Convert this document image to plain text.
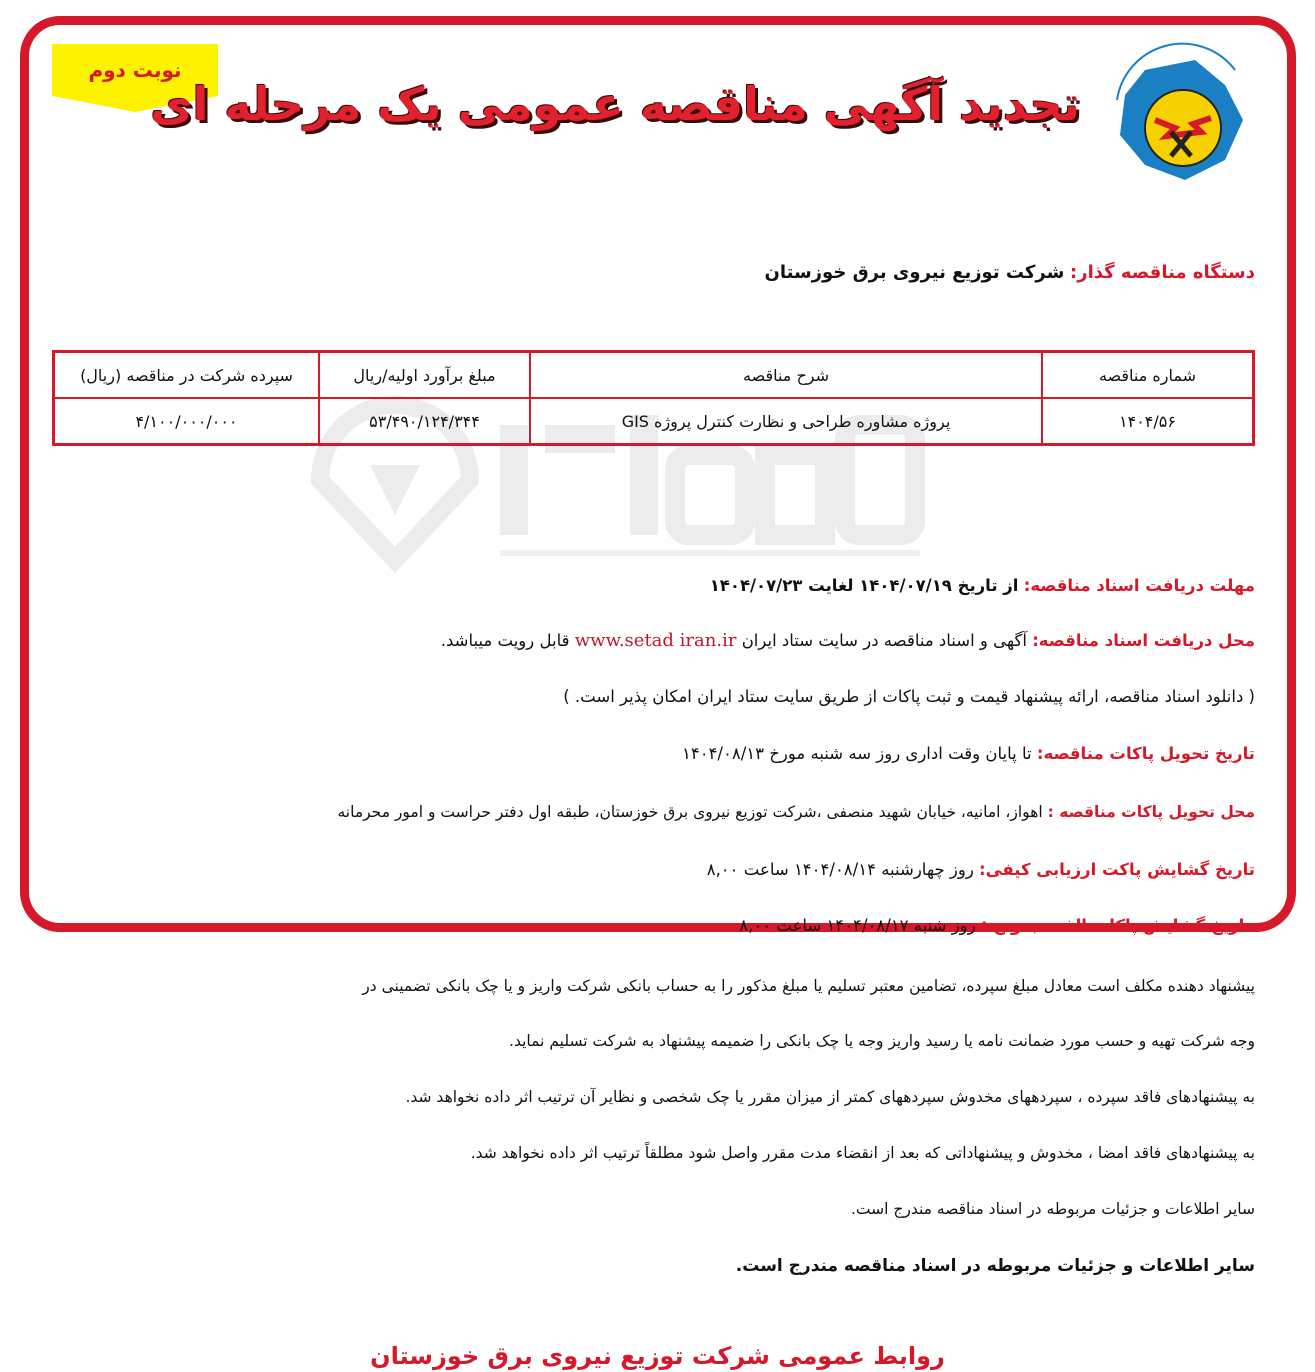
نوبت دوم
تجدید آگهی مناقصه عمومی یک مرحله ای
دستگاه مناقصه گذار: شرکت توزیع نیروی برق خوزستان
شماره مناقصه	شرح مناقصه	مبلغ برآورد اولیه/ریال	سپرده شرکت در مناقصه (ریال)
۱۴۰۴/۵۶	پروژه مشاوره طراحی و نظارت کنترل پروژه GIS	۵۳/۴۹۰/۱۲۴/۳۴۴	۴/۱۰۰/۰۰۰/۰۰۰
مهلت دریافت اسناد مناقصه: از تاریخ ۱۴۰۴/۰۷/۱۹ لغایت ۱۴۰۴/۰۷/۲۳
محل دریافت اسناد مناقصه: آگهی و اسناد مناقصه در سایت ستاد ایران www.setad iran.ir قابل رویت میباشد.
( دانلود اسناد مناقصه، ارائه پیشنهاد قیمت و ثبت پاکات از طریق سایت ستاد ایران امکان پذیر است. )
تاریخ تحویل پاکات مناقصه: تا پایان وقت اداری روز سه شنبه مورخ ۱۴۰۴/۰۸/۱۳
محل تحویل پاکات مناقصه : اهواز، امانیه، خیابان شهید منصفی ،شرکت توزیع نیروی برق خوزستان، طبقه اول دفتر حراست و امور محرمانه
تاریخ گشایش پاکت ارزیابی کیفی: روز چهارشنبه ۱۴۰۴/۰۸/۱۴ ساعت ۸,۰۰
تاریخ گشایش پاکات الف، ب و ج : روز شنبه ۱۴۰۴/۰۸/۱۷ ساعت ۸,۰۰
پیشنهاد دهنده مکلف است معادل مبلغ سپرده، تضامین معتبر تسلیم یا مبلغ مذکور را به حساب بانکی شرکت واریز و یا چک بانکی تضمینی در
وجه شرکت تهیه و حسب مورد ضمانت نامه یا رسید واریز وجه یا چک بانکی را ضمیمه پیشنهاد به شرکت تسلیم نماید.
به پیشنهادهای فاقد سپرده ، سپردههای مخدوش سپردههای کمتر از میزان مقرر یا چک شخصی و نظایر آن ترتیب اثر داده نخواهد شد.
به پیشنهادهای فاقد امضا ، مخدوش و پیشنهاداتی که بعد از انقضاء مدت مقرر واصل شود مطلقاً ترتیب اثر داده نخواهد شد.
سایر اطلاعات و جزئیات مربوطه در اسناد مناقصه مندرج است.
سایر اطلاعات و جزئیات مربوطه در اسناد مناقصه مندرج است.
روابط عمومی شرکت توزیع نیروی برق خوزستان
